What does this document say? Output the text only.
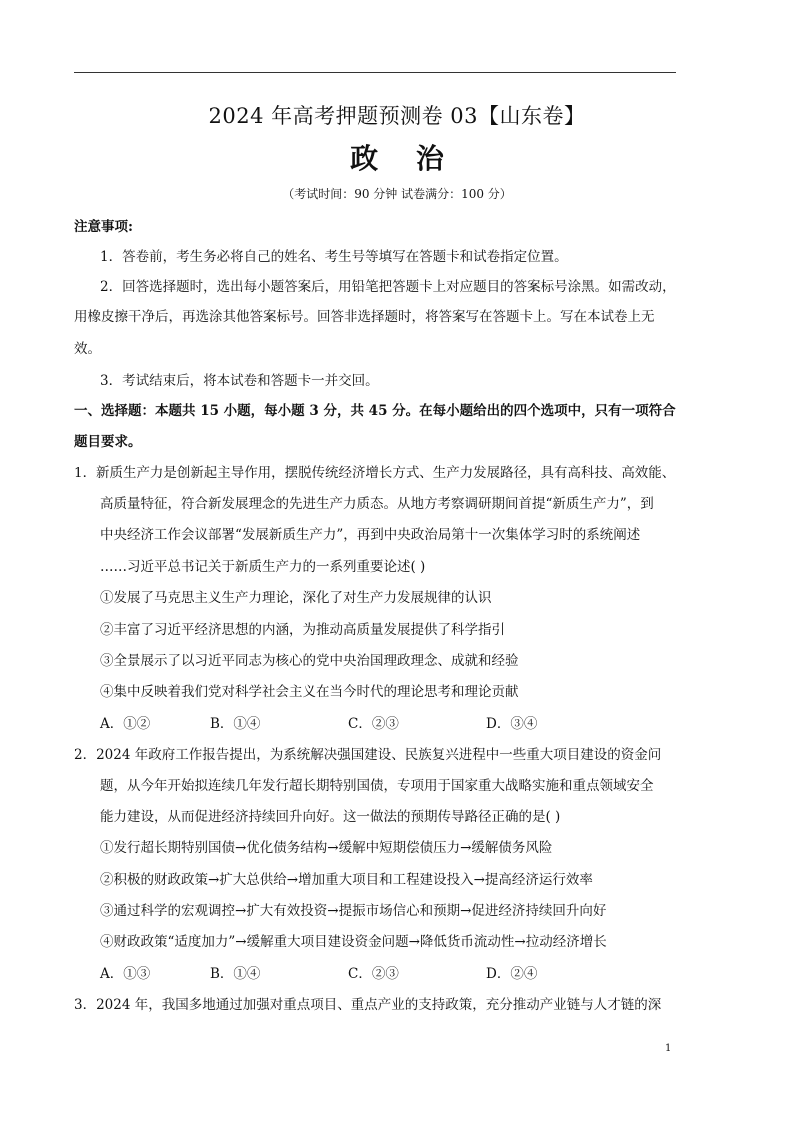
2024 年高考押题预测卷 03【山东卷】
政 治
（考试时间：90 分钟 试卷满分：100 分）
注意事项:
1．答卷前，考生务必将自己的姓名、考生号等填写在答题卡和试卷指定位置。
2．回答选择题时，选出每小题答案后，用铅笔把答题卡上对应题目的答案标号涂黑。如需改动，
用橡皮擦干净后，再选涂其他答案标号。回答非选择题时，将答案写在答题卡上。写在本试卷上无
效。
3．考试结束后，将本试卷和答题卡一并交回。
一、选择题：本题共 15 小题，每小题 3 分，共 45 分。在每小题给出的四个选项中，只有一项符合
题目要求。
1．新质生产力是创新起主导作用，摆脱传统经济增长方式、生产力发展路径，具有高科技、高效能、
高质量特征，符合新发展理念的先进生产力质态。从地方考察调研期间首提“新质生产力”，到
中央经济工作会议部署“发展新质生产力”，再到中央政治局第十一次集体学习时的系统阐述
……习近平总书记关于新质生产力的一系列重要论述( )
①发展了马克思主义生产力理论，深化了对生产力发展规律的认识
②丰富了习近平经济思想的内涵，为推动高质量发展提供了科学指引
③全景展示了以习近平同志为核心的党中央治国理政理念、成就和经验
④集中反映着我们党对科学社会主义在当今时代的理论思考和理论贡献
A．①②	B．①④	C．②③	D．③④
2．2024 年政府工作报告提出，为系统解决强国建设、民族复兴进程中一些重大项目建设的资金问
题，从今年开始拟连续几年发行超长期特别国债，专项用于国家重大战略实施和重点领域安全
能力建设，从而促进经济持续回升向好。这一做法的预期传导路径正确的是( )
①发行超长期特别国债→优化债务结构→缓解中短期偿债压力→缓解债务风险
②积极的财政政策→扩大总供给→增加重大项目和工程建设投入→提高经济运行效率
③通过科学的宏观调控→扩大有效投资→提振市场信心和预期→促进经济持续回升向好
④财政政策“适度加力”→缓解重大项目建设资金问题→降低货币流动性→拉动经济增长
A．①③	B．①④	C．②③	D．②④
3．2024 年，我国多地通过加强对重点项目、重点产业的支持政策，充分推动产业链与人才链的深
1
